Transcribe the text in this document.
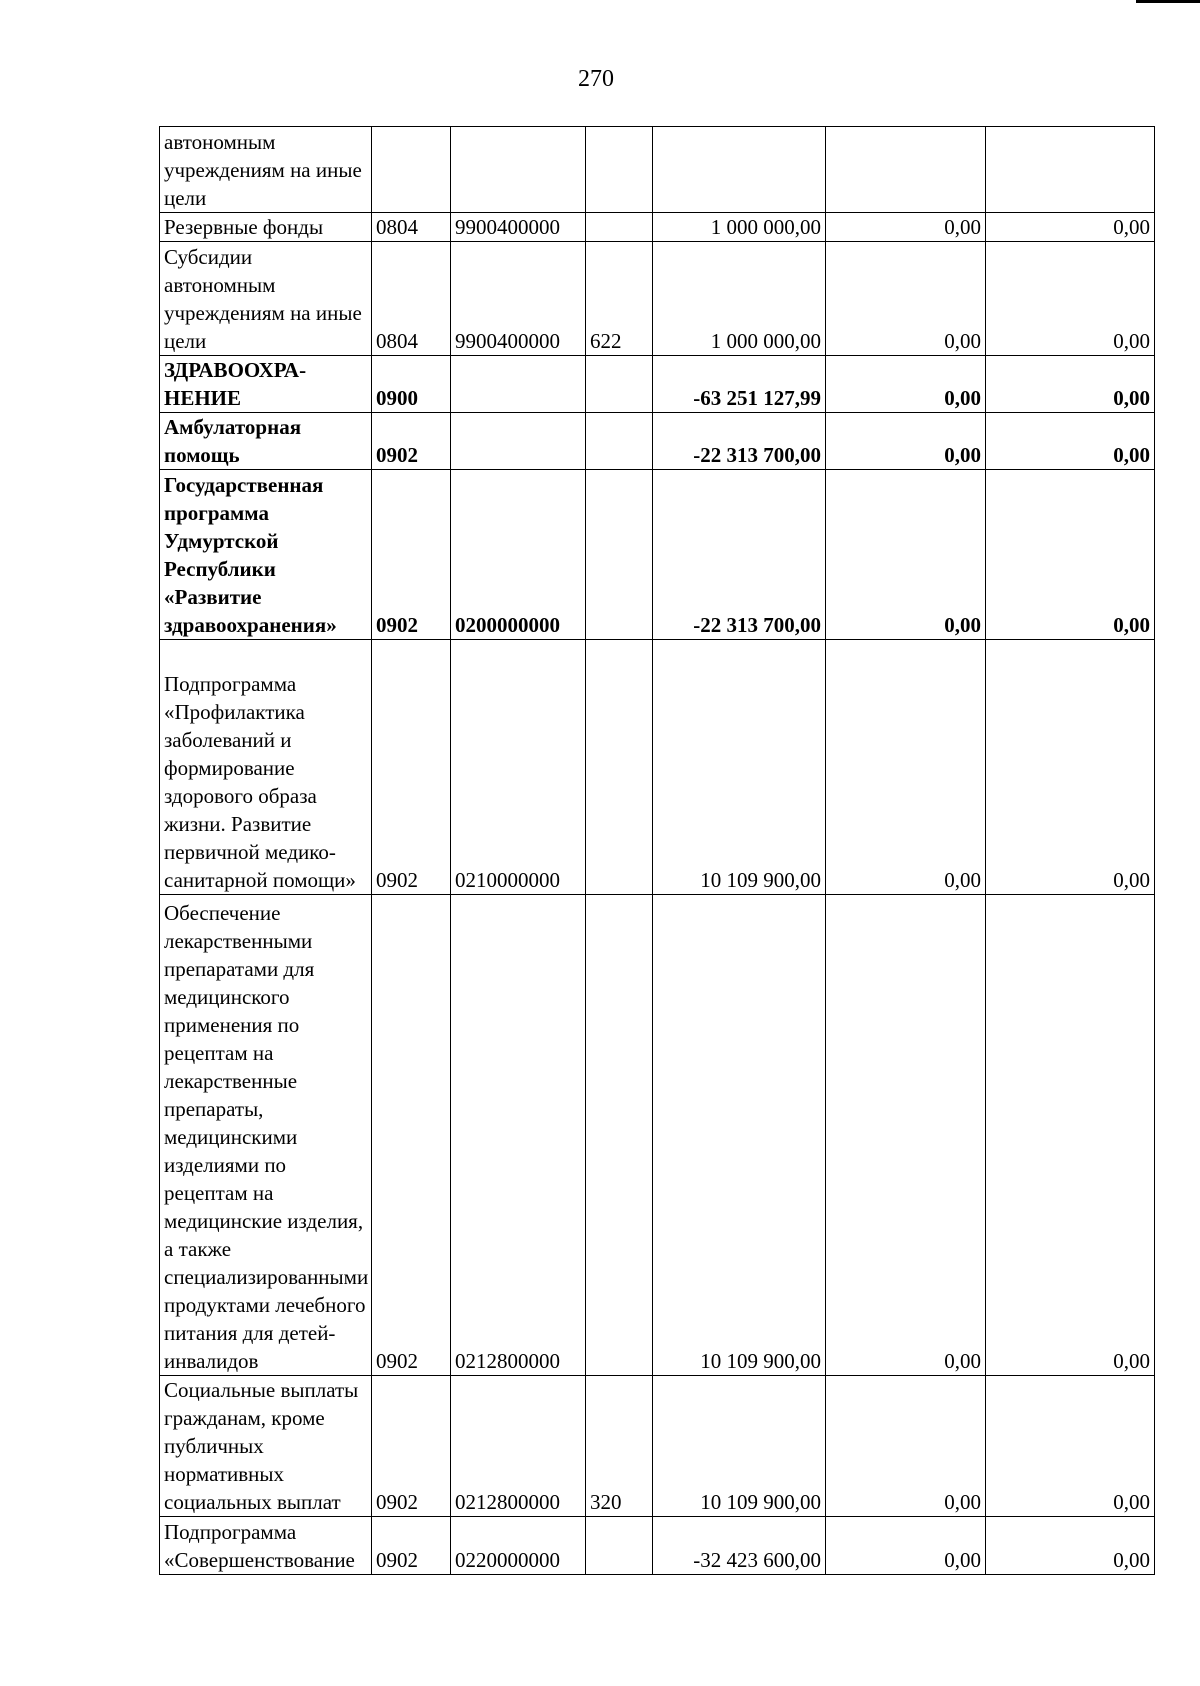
270
автономным учреждениям на иные цели						
Резервные фонды	0804	9900400000		1 000 000,00	0,00	0,00
Субсидии автономным учреждениям на иные цели	0804	9900400000	622	1 000 000,00	0,00	0,00
ЗДРАВООХРА-НЕНИЕ	0900			-63 251 127,99	0,00	0,00
Амбулаторная помощь	0902			-22 313 700,00	0,00	0,00
Государственная программа Удмуртской Республики «Развитие здравоохранения»	0902	0200000000		-22 313 700,00	0,00	0,00
Подпрограмма «Профилактика заболеваний и формирование здорового образа жизни. Развитие первичной медико-санитарной помощи»	0902	0210000000		10 109 900,00	0,00	0,00
Обеспечение лекарственными препаратами для медицинского применения по рецептам на лекарственные препараты, медицинскими изделиями по рецептам на медицинские изделия, а также специализированными продуктами лечебного питания для детей-инвалидов	0902	0212800000		10 109 900,00	0,00	0,00
Социальные выплаты гражданам, кроме публичных нормативных социальных выплат	0902	0212800000	320	10 109 900,00	0,00	0,00
Подпрограмма «Совершенствование	0902	0220000000		-32 423 600,00	0,00	0,00
